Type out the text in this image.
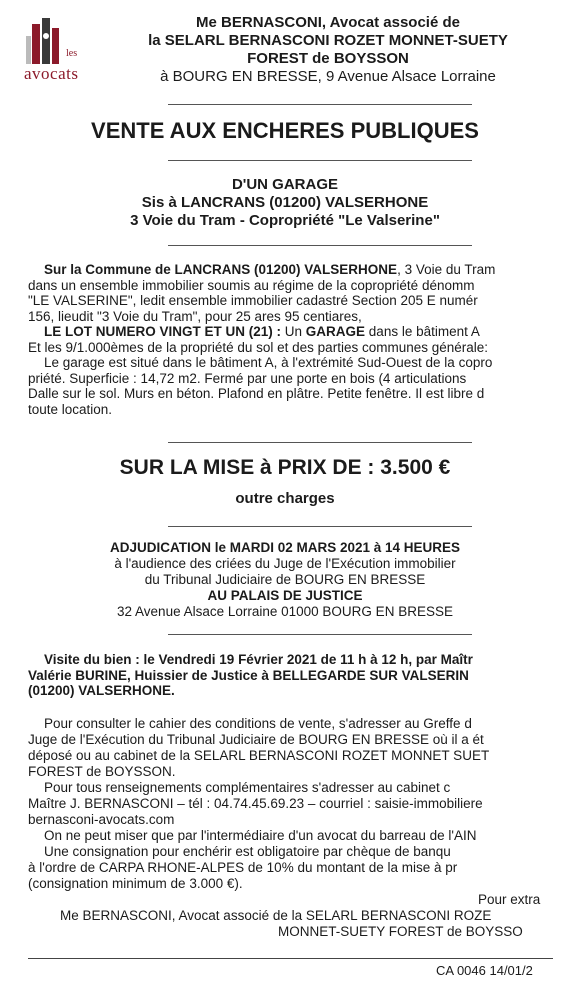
les
avocats
Me BERNASCONI, Avocat associé de
la SELARL BERNASCONI ROZET MONNET-SUETY
FOREST de BOYSSON
à BOURG EN BRESSE, 9 Avenue Alsace Lorraine
VENTE AUX ENCHERES PUBLIQUES
D'UN GARAGE
Sis à LANCRANS (01200) VALSERHONE
3 Voie du Tram - Copropriété "Le Valserine"
Sur la Commune de LANCRANS (01200) VALSERHONE, 3 Voie du Tram
dans un ensemble immobilier soumis au régime de la copropriété dénomm
"LE VALSERINE", ledit ensemble immobilier cadastré Section 205 E numér
156, lieudit "3 Voie du Tram", pour 25 ares 95 centiares,
LE LOT NUMERO VINGT ET UN (21) : Un GARAGE dans le bâtiment A
Et les 9/1.000èmes de la propriété du sol et des parties communes générale:
Le garage est situé dans le bâtiment A, à l'extrémité Sud-Ouest de la copro
priété. Superficie : 14,72 m2. Fermé par une porte en bois (4 articulations
Dalle sur le sol. Murs en béton. Plafond en plâtre. Petite fenêtre. Il est libre d
toute location.
SUR LA MISE à PRIX DE : 3.500 €
outre charges
ADJUDICATION le MARDI 02 MARS 2021 à 14 HEURES
à l'audience des criées du Juge de l'Exécution immobilier
du Tribunal Judiciaire de BOURG EN BRESSE
AU PALAIS DE JUSTICE
32 Avenue Alsace Lorraine 01000 BOURG EN BRESSE
Visite du bien : le Vendredi 19 Février 2021 de 11 h à 12 h, par Maîtr
Valérie BURINE, Huissier de Justice à BELLEGARDE SUR VALSERIN
(01200) VALSERHONE.
Pour consulter le cahier des conditions de vente, s'adresser au Greffe d
Juge de l'Exécution du Tribunal Judiciaire de BOURG EN BRESSE où il a ét
déposé ou au cabinet de la SELARL BERNASCONI ROZET MONNET SUET
FOREST de BOYSSON.
Pour tous renseignements complémentaires s'adresser au cabinet c
Maître J. BERNASCONI – tél : 04.74.45.69.23 – courriel : saisie-immobiliere
bernasconi-avocats.com
On ne peut miser que par l'intermédiaire d'un avocat du barreau de l'AIN
Une consignation pour enchérir est obligatoire par chèque de banqu
à l'ordre de CARPA RHONE-ALPES de 10% du montant de la mise à pr
(consignation minimum de 3.000 €).
Pour extra
Me BERNASCONI, Avocat associé de la SELARL BERNASCONI ROZE
MONNET-SUETY FOREST de BOYSSO
CA 0046 14/01/2
